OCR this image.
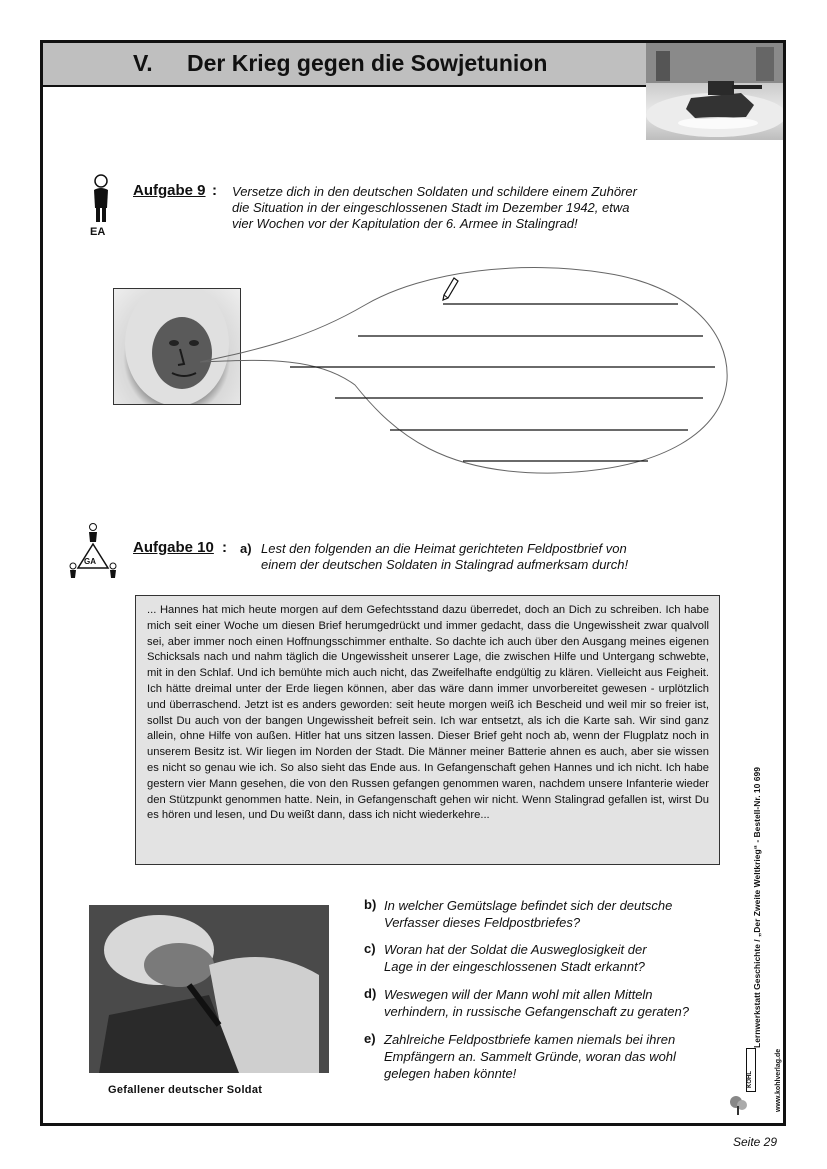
V. Der Krieg gegen die Sowjetunion
EA
Aufgabe 9 : Versetze dich in den deutschen Soldaten und schildere einem Zuhörer
die Situation in der eingeschlossenen Stadt im Dezember 1942, etwa
vier Wochen vor der Kapitulation der 6. Armee in Stalingrad!
GA
Aufgabe 10 : a) Lest den folgenden an die Heimat gerichteten Feldpostbrief von
einem der deutschen Soldaten in Stalingrad aufmerksam durch!

... Hannes hat mich heute morgen auf dem Gefechtsstand dazu überredet, doch an Dich zu schreiben. Ich habe mich seit einer Woche um diesen Brief herumgedrückt und immer gedacht, dass die Ungewissheit zwar qualvoll sei, aber immer noch einen Hoffnungsschimmer enthalte. So dachte ich auch über den Ausgang meines eigenen Schicksals nach und nahm täglich die Ungewissheit unserer Lage, die zwischen Hilfe und Untergang schwebte, mit in den Schlaf. Und ich bemühte mich auch nicht, das Zweifelhafte endgültig zu klären. Vielleicht aus Feigheit. Ich hätte dreimal unter der Erde liegen können, aber das wäre dann immer unvorbereitet gewesen - urplötzlich und überraschend. Jetzt ist es anders geworden: seit heute morgen weiß ich Bescheid und weil mir so freier ist, sollst Du auch von der bangen Ungewissheit befreit sein. Ich war entsetzt, als ich die Karte sah. Wir sind ganz allein, ohne Hilfe von außen. Hitler hat uns sitzen lassen. Dieser Brief geht noch ab, wenn der Flugplatz noch in unserem Besitz ist. Wir liegen im Norden der Stadt. Die Männer meiner Batterie ahnen es auch, aber sie wissen es nicht so genau wie ich. So also sieht das Ende aus. In Gefangenschaft gehen Hannes und ich nicht. Ich habe gestern vier Mann gesehen, die von den Russen gefangen genommen waren, nachdem unsere Infanterie wieder den Stützpunkt genommen hatte. Nein, in Gefangenschaft gehen wir nicht. Wenn Stalingrad gefallen ist, wirst Du es hören und lesen, und Du weißt dann, dass ich nicht wiederkehre...

Gefallener deutscher Soldat
b) In welcher Gemütslage befindet sich der deutsche
Verfasser dieses Feldpostbriefes?
c) Woran hat der Soldat die Ausweglosigkeit der
Lage in der eingeschlossenen Stadt erkannt?
d) Weswegen will der Mann wohl mit allen Mitteln
verhindern, in russische Gefangenschaft zu geraten?
e) Zahlreiche Feldpostbriefe kamen niemals bei ihren
Empfängern an. Sammelt Gründe, woran das wohl
gelegen haben könnte!
Lernwerkstatt Geschichte / „Der Zweite Weltkrieg“ - Bestell-Nr. 10 699
www.kohlverlag.de
KOHL
Seite 29
